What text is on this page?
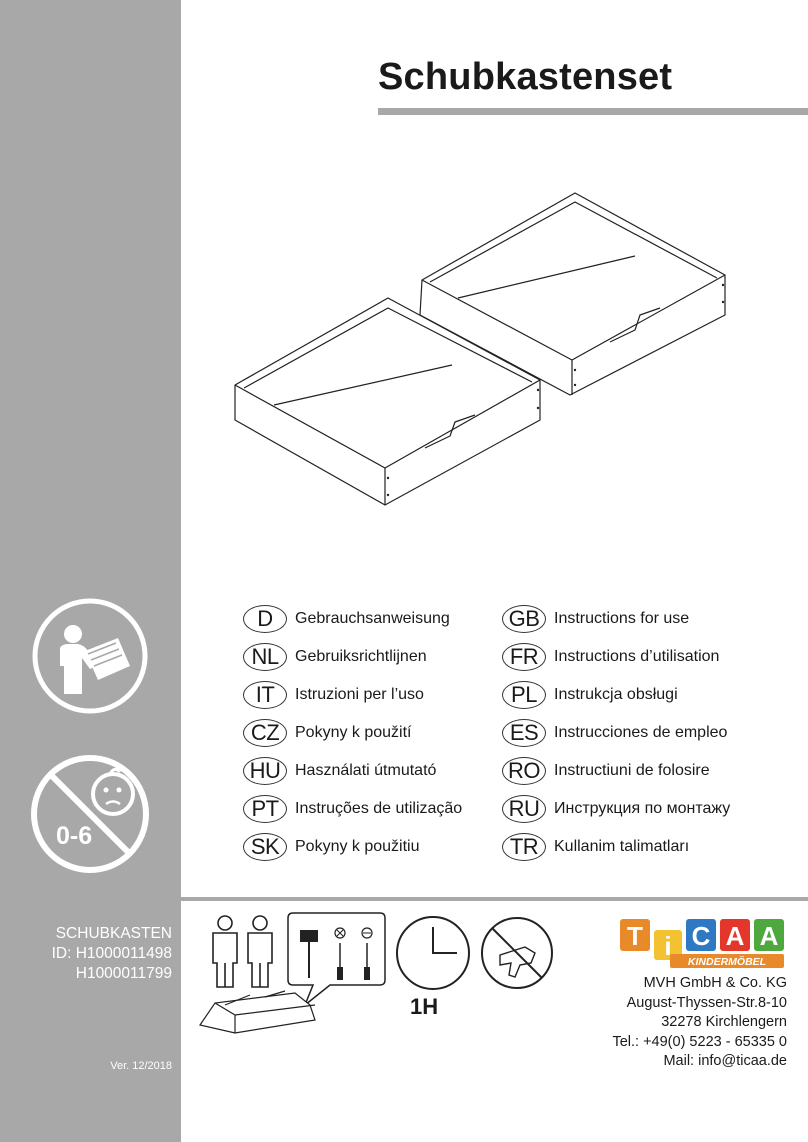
Schubkastenset
D	Gebrauchsanweisung
NL	Gebruiksrichtlijnen
IT	Istruzioni per l’uso
CZ Pokyny k použití
HU Használati útmutató
PT	Instruções de utilização
SK Pokyny k použitiu
GB Instructions for use
FR Instructions d’utilisation
PL	Instrukcja obsługi
ES Instrucciones de empleo
RO Instructiuni de folosire
RU Инструкция по монтажу
TR Kullanim talimatları
0-6
SCHUBKASTEN
ID: H1000011498
H1000011799
Ver. 12/2018
1H
T i C A A
KINDERMÖBEL
MVH GmbH & Co. KG
August-Thyssen-Str.8-10
32278 Kirchlengern
Tel.: +49(0) 5223 - 65335 0
Mail: info@ticaa.de
